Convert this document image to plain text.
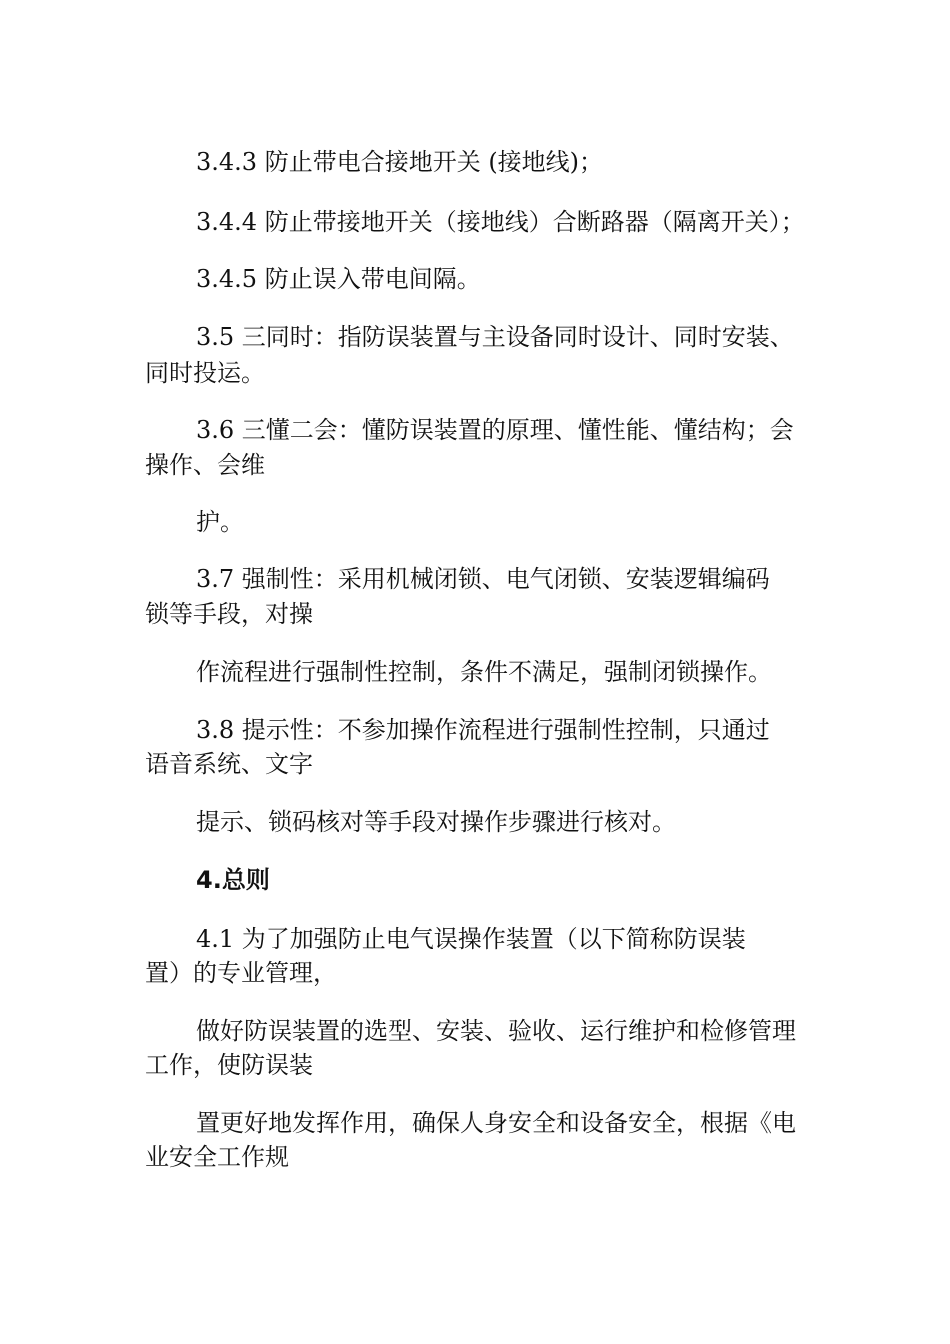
3.4.3 防止带电合接地开关 (接地线)；

3.4.4 防止带接地开关（接地线）合断路器（隔离开关）；

3.4.5 防止误入带电间隔。

3.5 三同时：指防误装置与主设备同时设计、同时安装、

同时投运。

3.6 三懂二会：懂防误装置的原理、懂性能、懂结构；会

操作、会维

护。

3.7 强制性：采用机械闭锁、电气闭锁、安装逻辑编码

锁等手段，对操

作流程进行强制性控制，条件不满足，强制闭锁操作。

3.8 提示性：不参加操作流程进行强制性控制，只通过

语音系统、文字

提示、锁码核对等手段对操作步骤进行核对。

4.总则

4.1 为了加强防止电气误操作装置（以下简称防误装

置）的专业管理，

做好防误装置的选型、安装、验收、运行维护和检修管理

工作，使防误装

置更好地发挥作用，确保人身安全和设备安全，根据《电

业安全工作规
